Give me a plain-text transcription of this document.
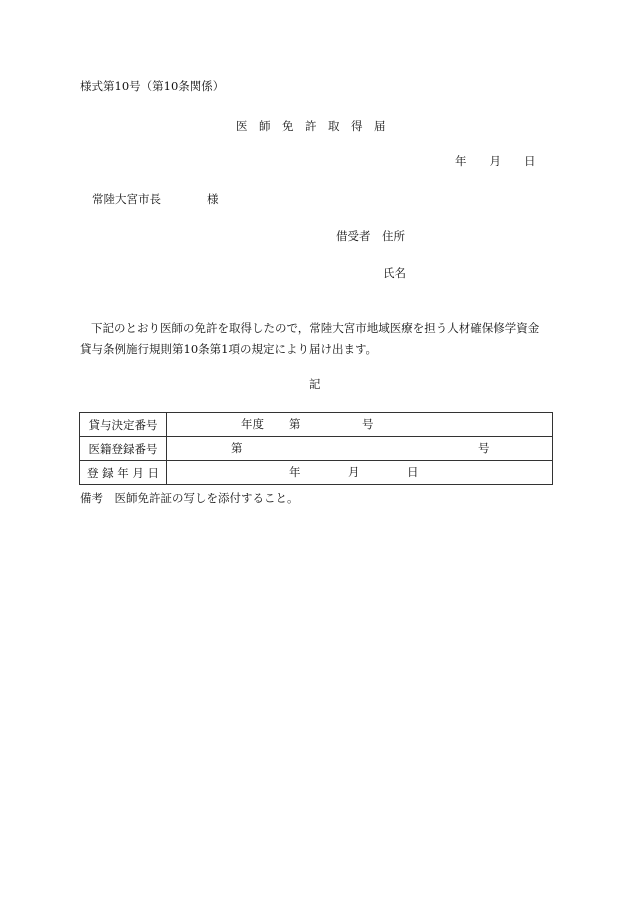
様式第10号（第10条関係）
医　師　免　許　取　得　届
年　　月　　日
常陸大宮市長	様
借受者　住所
氏名
下記のとおり医師の免許を取得したので，常陸大宮市地域医療を担う人材確保修学資金
貸与条例施行規則第10条第1項の規定により届け出ます。
記
貸与決定番号	年度 第 号

医籍登録番号	第 号

登 録 年 月 日	年 月 日
備考　医師免許証の写しを添付すること。
